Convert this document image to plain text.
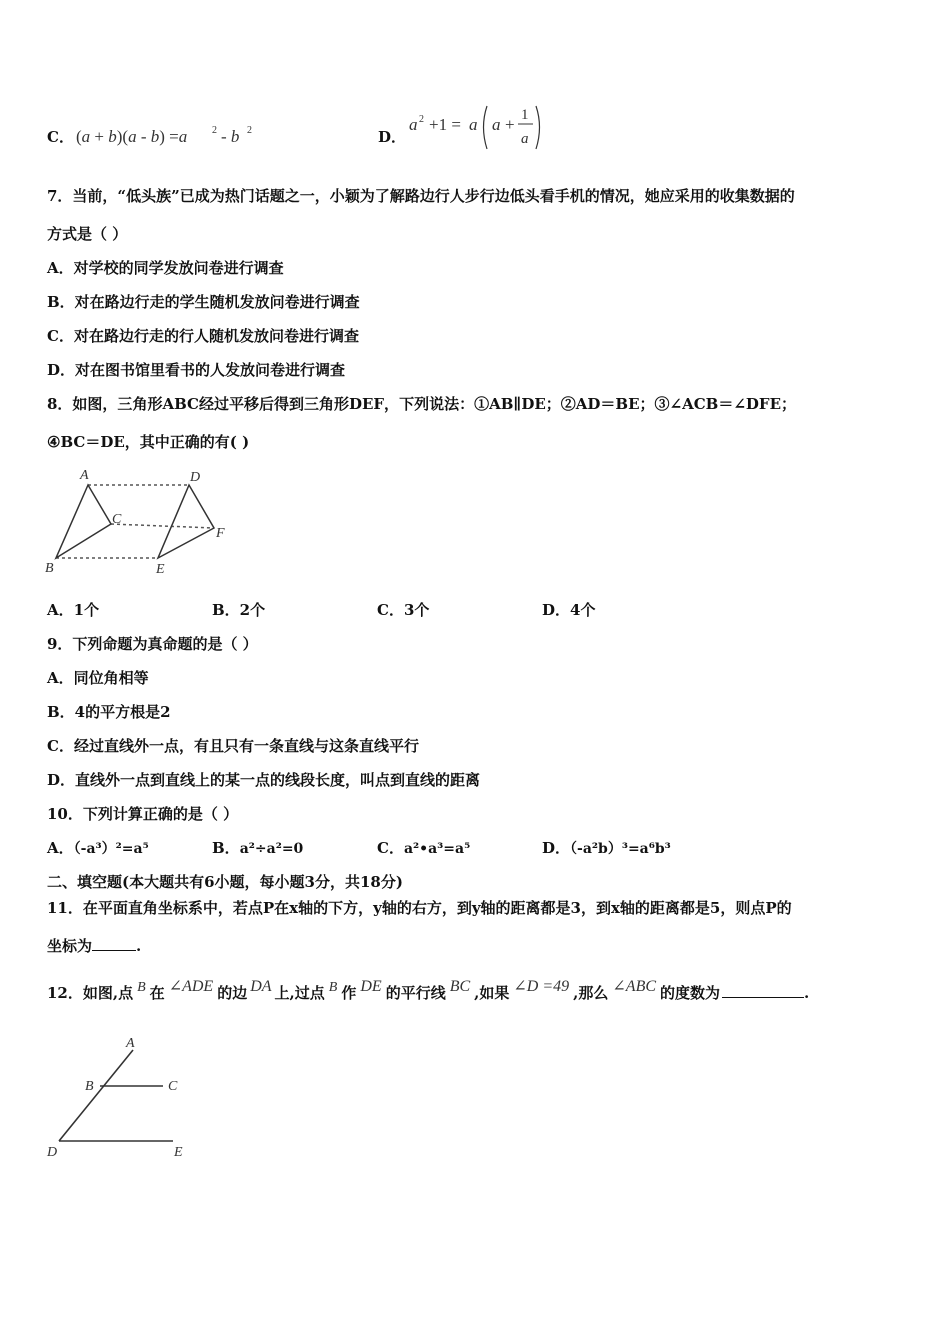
C． (a + b)(a - b) =a 2 - b 2	D．
a 2 +1 = a a + 1
a
7．当前，“低头族”已成为热门话题之一，小颖为了解路边行人步行边低头看手机的情况，她应采用的收集数据的
方式是（ ）
A．对学校的同学发放问卷进行调查
B．对在路边行走的学生随机发放问卷进行调查
C．对在路边行走的行人随机发放问卷进行调查
D．对在图书馆里看书的人发放问卷进行调查
8．如图，三角形ABC经过平移后得到三角形DEF，下列说法：①AB∥DE；②AD＝BE；③∠ACB＝∠DFE；
④BC＝DE，其中正确的有( )
A
B
C
D
E
F
A．1个	B．2个	C．3个	D．4个
9．下列命题为真命题的是（ ）
A．同位角相等
B．4的平方根是2
C．经过直线外一点，有且只有一条直线与这条直线平行
D．直线外一点到直线上的某一点的线段长度，叫点到直线的距离
10．下列计算正确的是（ ）
A．（-a³）²=a⁵	B．a²÷a²=0	C．a²•a³=a⁵	D．（-a²b）³=a⁶b³
二、填空题(本大题共有6小题，每小题3分，共18分)
11．在平面直角坐标系中，若点P在x轴的下方，y轴的右方，到y轴的距离都是3，到x轴的距离都是5，则点P的
坐标为	.
12．如图,点 B 在 ∠ADE 的边 DA 上,过点 B 作 DE 的平行线 BC ,如果 ∠D =49 ,那么 ∠ABC 的度数为	.
A
B	C
D	E
